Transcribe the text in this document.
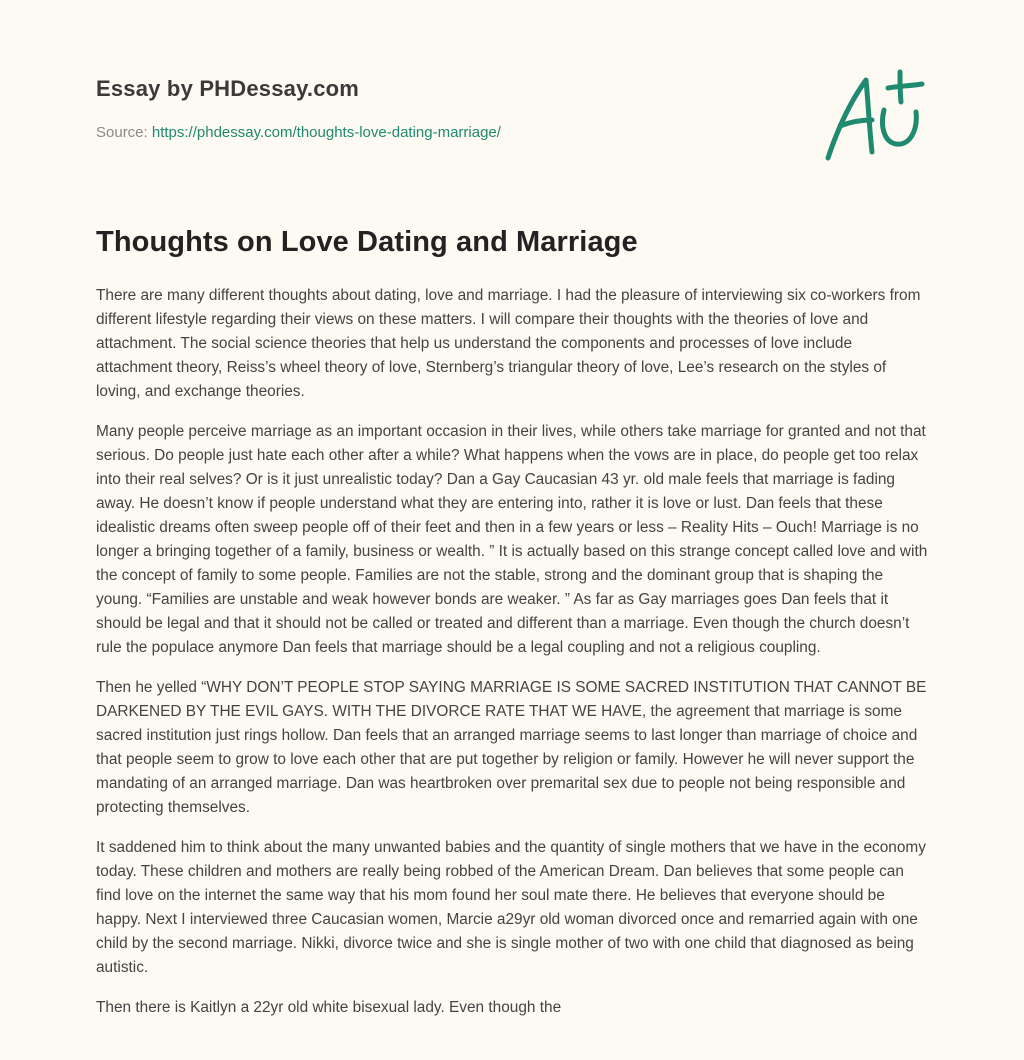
Essay by PHDessay.com
Source: https://phdessay.com/thoughts-love-dating-marriage/
Thoughts on Love Dating and Marriage

There are many different thoughts about dating, love and marriage. I had the pleasure of interviewing six co-workers from different lifestyle regarding their views on these matters. I will compare their thoughts with the theories of love and attachment. The social science theories that help us understand the components and processes of love include attachment theory, Reiss’s wheel theory of love, Sternberg’s triangular theory of love, Lee’s research on the styles of loving, and exchange theories.

Many people perceive marriage as an important occasion in their lives, while others take marriage for granted and not that serious. Do people just hate each other after a while? What happens when the vows are in place, do people get too relax into their real selves? Or is it just unrealistic today? Dan a Gay Caucasian 43 yr. old male feels that marriage is fading away. He doesn’t know if people understand what they are entering into, rather it is love or lust. Dan feels that these idealistic dreams often sweep people off of their feet and then in a few years or less – Reality Hits – Ouch! Marriage is no longer a bringing together of a family, business or wealth. ” It is actually based on this strange concept called love and with the concept of family to some people. Families are not the stable, strong and the dominant group that is shaping the young. “Families are unstable and weak however bonds are weaker. ” As far as Gay marriages goes Dan feels that it should be legal and that it should not be called or treated and different than a marriage. Even though the church doesn’t rule the populace anymore Dan feels that marriage should be a legal coupling and not a religious coupling.

Then he yelled “WHY DON’T PEOPLE STOP SAYING MARRIAGE IS SOME SACRED INSTITUTION THAT CANNOT BE DARKENED BY THE EVIL GAYS. WITH THE DIVORCE RATE THAT WE HAVE, the agreement that marriage is some sacred institution just rings hollow. Dan feels that an arranged marriage seems to last longer than marriage of choice and that people seem to grow to love each other that are put together by religion or family. However he will never support the mandating of an arranged marriage. Dan was heartbroken over premarital sex due to people not being responsible and protecting themselves.

It saddened him to think about the many unwanted babies and the quantity of single mothers that we have in the economy today. These children and mothers are really being robbed of the American Dream. Dan believes that some people can find love on the internet the same way that his mom found her soul mate there. He believes that everyone should be happy. Next I interviewed three Caucasian women, Marcie a29yr old woman divorced once and remarried again with one child by the second marriage. Nikki, divorce twice and she is single mother of two with one child that diagnosed as being autistic.

Then there is Kaitlyn a 22yr old white bisexual lady. Even though the
